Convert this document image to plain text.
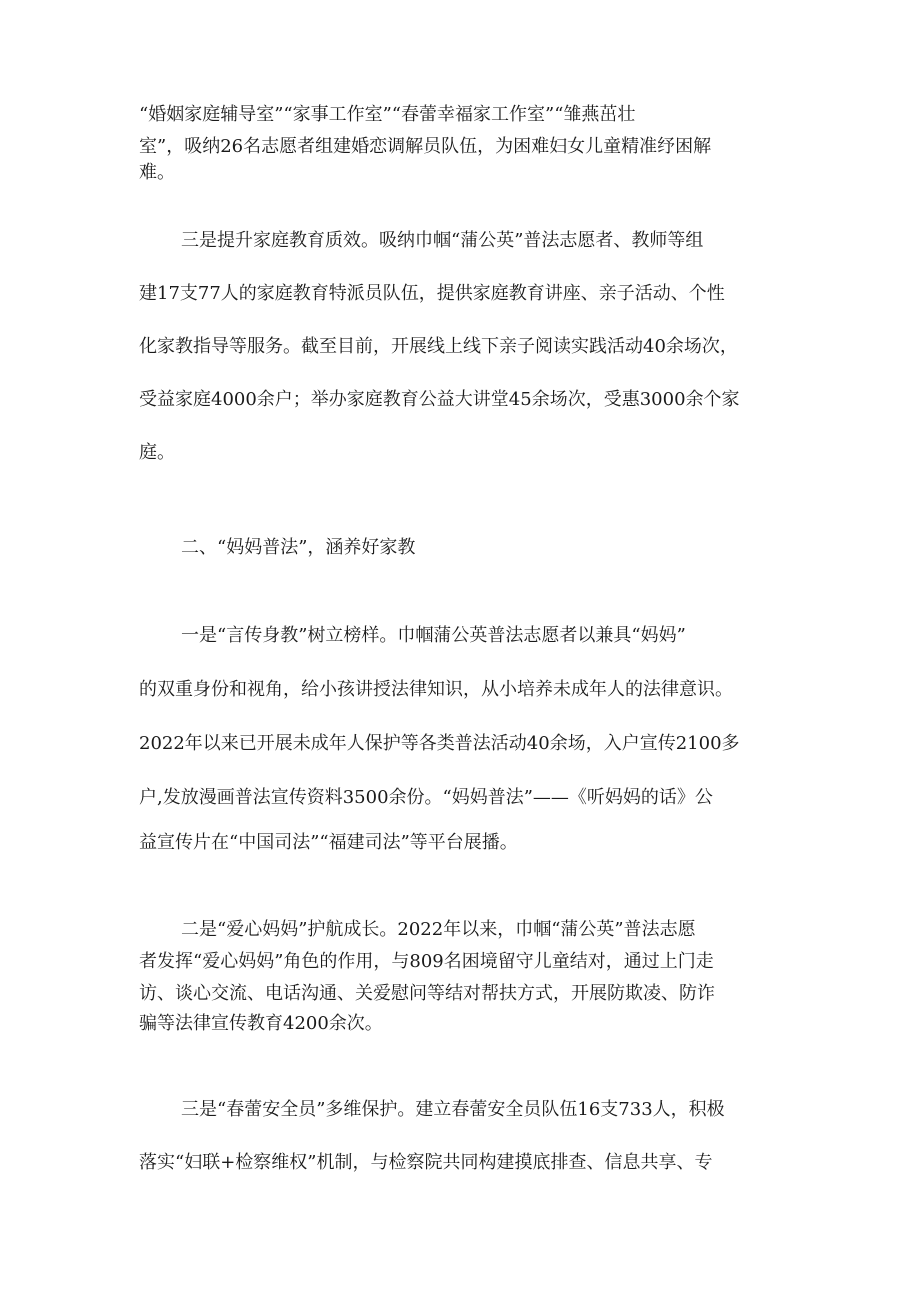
“婚姻家庭辅导室”“家事工作室”“春蕾幸福家工作室”“雏燕茁壮

室”，吸纳26名志愿者组建婚恋调解员队伍，为困难妇女儿童精准纾困解

难。

三是提升家庭教育质效。吸纳巾帼“蒲公英”普法志愿者、教师等组

建17支77人的家庭教育特派员队伍，提供家庭教育讲座、亲子活动、个性

化家教指导等服务。截至目前，开展线上线下亲子阅读实践活动40余场次，

受益家庭4000余户；举办家庭教育公益大讲堂45余场次，受惠3000余个家

庭。

二、“妈妈普法”，涵养好家教

一是“言传身教”树立榜样。巾帼蒲公英普法志愿者以兼具“妈妈”

的双重身份和视角，给小孩讲授法律知识，从小培养未成年人的法律意识。

2022年以来已开展未成年人保护等各类普法活动40余场，入户宣传2100多

户,发放漫画普法宣传资料3500余份。“妈妈普法”——《听妈妈的话》公

益宣传片在“中国司法”“福建司法”等平台展播。

二是“爱心妈妈”护航成长。2022年以来，巾帼“蒲公英”普法志愿

者发挥“爱心妈妈”角色的作用，与809名困境留守儿童结对，通过上门走

访、谈心交流、电话沟通、关爱慰问等结对帮扶方式，开展防欺凌、防诈

骗等法律宣传教育4200余次。

三是“春蕾安全员”多维保护。建立春蕾安全员队伍16支733人，积极

落实“妇联+检察维权”机制，与检察院共同构建摸底排查、信息共享、专
